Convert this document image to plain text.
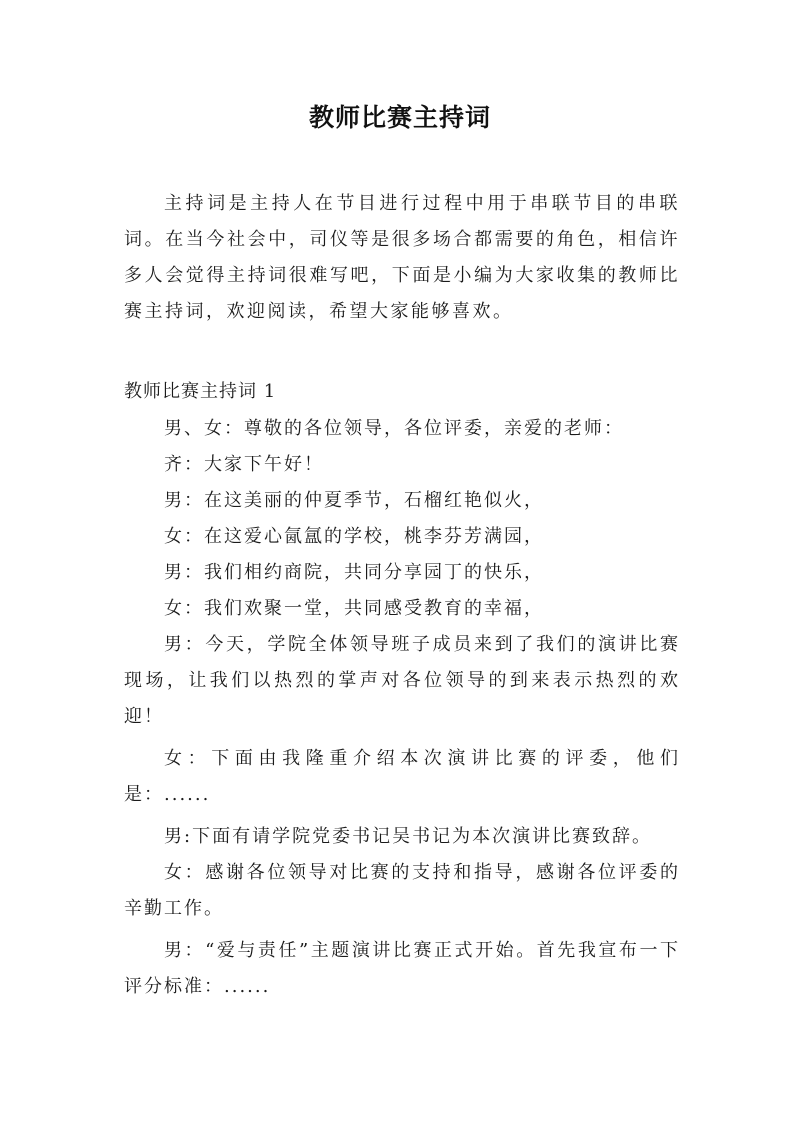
教师比赛主持词
主持词是主持人在节目进行过程中用于串联节目的串联词。在当今社会中，司仪等是很多场合都需要的角色，相信许多人会觉得主持词很难写吧，下面是小编为大家收集的教师比赛主持词，欢迎阅读，希望大家能够喜欢。
教师比赛主持词 1

男、女：尊敬的各位领导，各位评委，亲爱的老师：

齐：大家下午好！

男：在这美丽的仲夏季节，石榴红艳似火，

女：在这爱心氤氲的学校，桃李芬芳满园，

男：我们相约商院，共同分享园丁的快乐，

女：我们欢聚一堂，共同感受教育的幸福，

男：今天，学院全体领导班子成员来到了我们的演讲比赛现场，让我们以热烈的掌声对各位领导的到来表示热烈的欢迎！

女：下面由我隆重介绍本次演讲比赛的评委，他们是：......

男:下面有请学院党委书记吴书记为本次演讲比赛致辞。

女：感谢各位领导对比赛的支持和指导，感谢各位评委的辛勤工作。

男：“爱与责任”主题演讲比赛正式开始。首先我宣布一下评分标准：......
